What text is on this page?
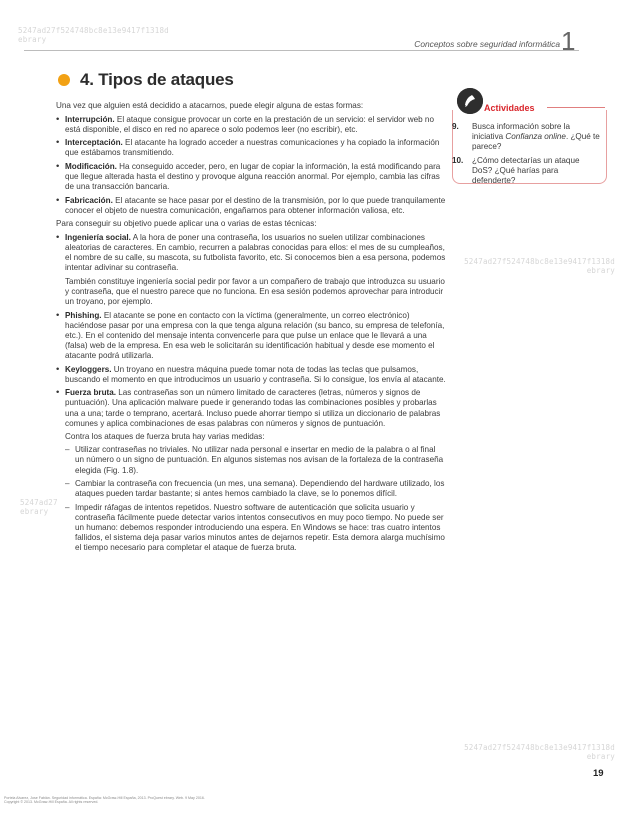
5247ad27f524748bc8e13e9417f1318d
ebrary
5247ad27f524748bc8e13e9417f1318d
ebrary
5247ad27
ebrary
5247ad27f524748bc8e13e9417f1318d
ebrary
Conceptos sobre seguridad informática 1
4. Tipos de ataques

Una vez que alguien está decidido a atacarnos, puede elegir alguna de estas formas:

• Interrupción. El ataque consigue provocar un corte en la prestación de un servicio: el servidor web no está disponible, el disco en red no aparece o solo podemos leer (no escribir), etc.
• Interceptación. El atacante ha logrado acceder a nuestras comunicaciones y ha copiado la información que estábamos transmitiendo.
• Modificación. Ha conseguido acceder, pero, en lugar de copiar la información, la está modificando para que llegue alterada hasta el destino y provoque alguna reacción anormal. Por ejemplo, cambia las cifras de una transacción bancaria.
• Fabricación. El atacante se hace pasar por el destino de la transmisión, por lo que puede tranquilamente conocer el objeto de nuestra comunicación, engañarnos para obtener información valiosa, etc.

Para conseguir su objetivo puede aplicar una o varias de estas técnicas:

• Ingeniería social. A la hora de poner una contraseña, los usuarios no suelen utilizar combinaciones aleatorias de caracteres. En cambio, recurren a palabras conocidas para ellos: el mes de su cumpleaños, el nombre de su calle, su mascota, su futbolista favorito, etc. Si conocemos bien a esa persona, podemos intentar adivinar su contraseña.
También constituye ingeniería social pedir por favor a un compañero de trabajo que introduzca su usuario y contraseña, que el nuestro parece que no funciona. En esa sesión podemos aprovechar para introducir un troyano, por ejemplo.
• Phishing. El atacante se pone en contacto con la víctima (generalmente, un correo electrónico) haciéndose pasar por una empresa con la que tenga alguna relación (su banco, su empresa de telefonía, etc.). En el contenido del mensaje intenta convencerle para que pulse un enlace que le llevará a una (falsa) web de la empresa. En esa web le solicitarán su identificación habitual y desde ese momento el atacante podrá utilizarla.
• Keyloggers. Un troyano en nuestra máquina puede tomar nota de todas las teclas que pulsamos, buscando el momento en que introducimos un usuario y contraseña. Si lo consigue, los envía al atacante.
• Fuerza bruta. Las contraseñas son un número limitado de caracteres (letras, números y signos de puntuación). Una aplicación malware puede ir generando todas las combinaciones posibles y probarlas una a una; tarde o temprano, acertará. Incluso puede ahorrar tiempo si utiliza un diccionario de palabras comunes y aplica combinaciones de esas palabras con números y signos de puntuación.
Contra los ataques de fuerza bruta hay varias medidas:
– Utilizar contraseñas no triviales. No utilizar nada personal e insertar en medio de la palabra o al final un número o un signo de puntuación. En algunos sistemas nos avisan de la fortaleza de la contraseña elegida (Fig. 1.8).
– Cambiar la contraseña con frecuencia (un mes, una semana). Dependiendo del hardware utilizado, los ataques pueden tardar bastante; si antes hemos cambiado la clave, se lo ponemos difícil.
– Impedir ráfagas de intentos repetidos. Nuestro software de autenticación que solicita usuario y contraseña fácilmente puede detectar varios intentos consecutivos en muy poco tiempo. No puede ser un humano: debemos responder introduciendo una espera. En Windows se hace: tras cuatro intentos fallidos, el sistema deja pasar varios minutos antes de dejarnos repetir. Esta demora alarga muchísimo el tiempo necesario para completar el ataque de fuerza bruta.
Actividades
9. Busca información sobre la iniciativa Confianza online. ¿Qué te parece?
10. ¿Cómo detectarías un ataque DoS? ¿Qué harías para defenderte?
19
Portela Alvarez, Jose Fabián. Seguridad informática. España: McGraw-Hill España, 2013. ProQuest ebrary. Web. 9 May 2016.
Copyright © 2013. McGraw-Hill España. All rights reserved.
